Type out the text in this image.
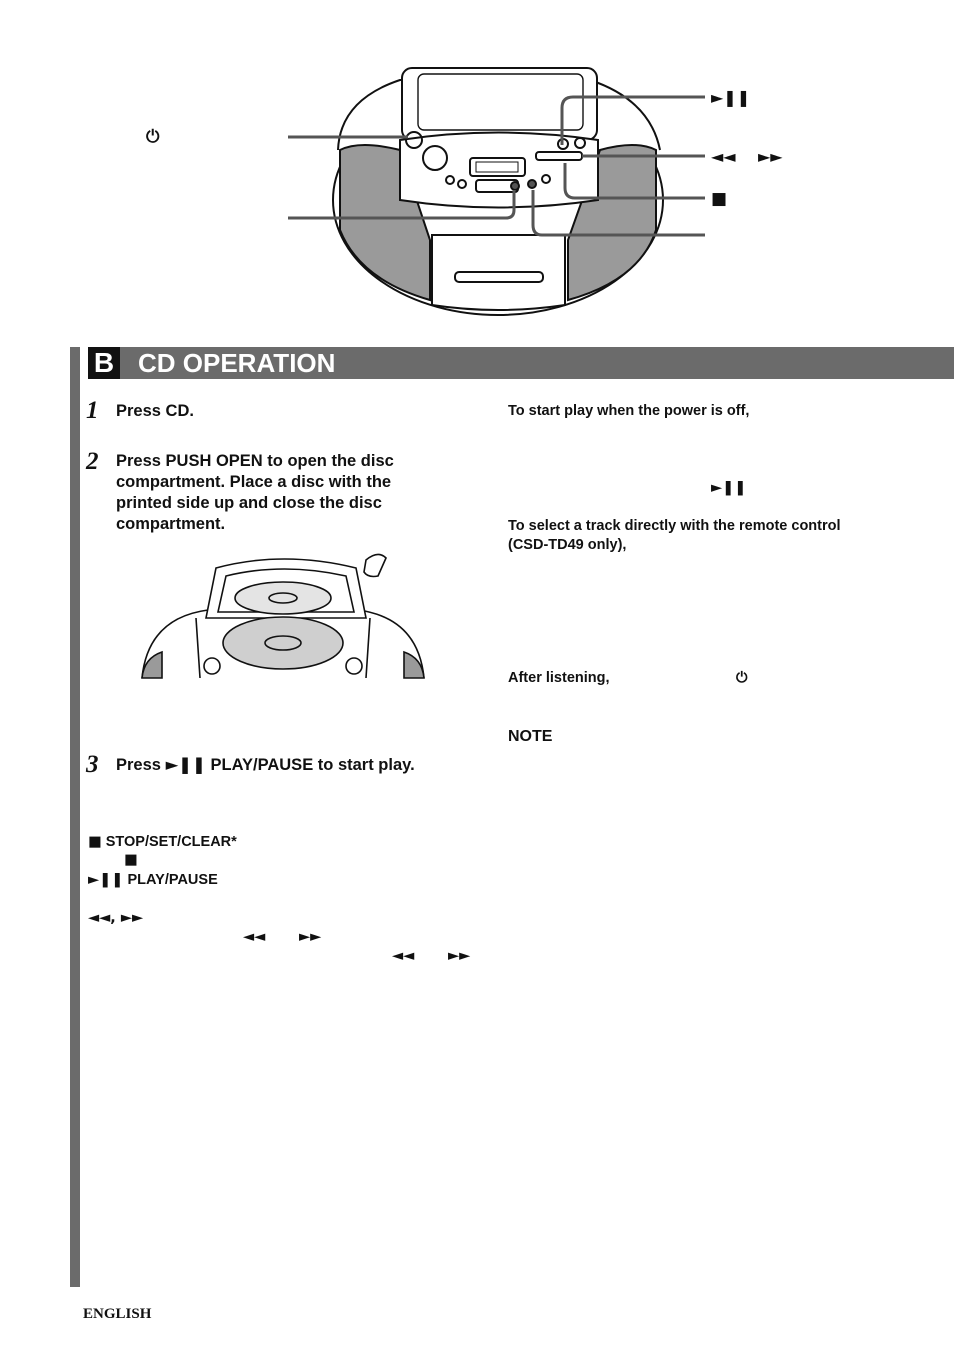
⏻
►❚❚
◄◄ ►►
■
B CD OPERATION
1 Press CD.
2 Press PUSH OPEN to open the disc compartment. Place a disc with the printed side up and close the disc compartment.
3 Press ►❚❚ PLAY/PAUSE to start play.
■ STOP/SET/CLEAR*
■
►❚❚ PLAY/PAUSE
◄◄, ►►
◄◄ ►►
◄◄ ►►
To start play when the power is off,
►❚❚
To select a track directly with the remote control
(CSD-TD49 only),
After listening,	⏻
NOTE
ENGLISH
